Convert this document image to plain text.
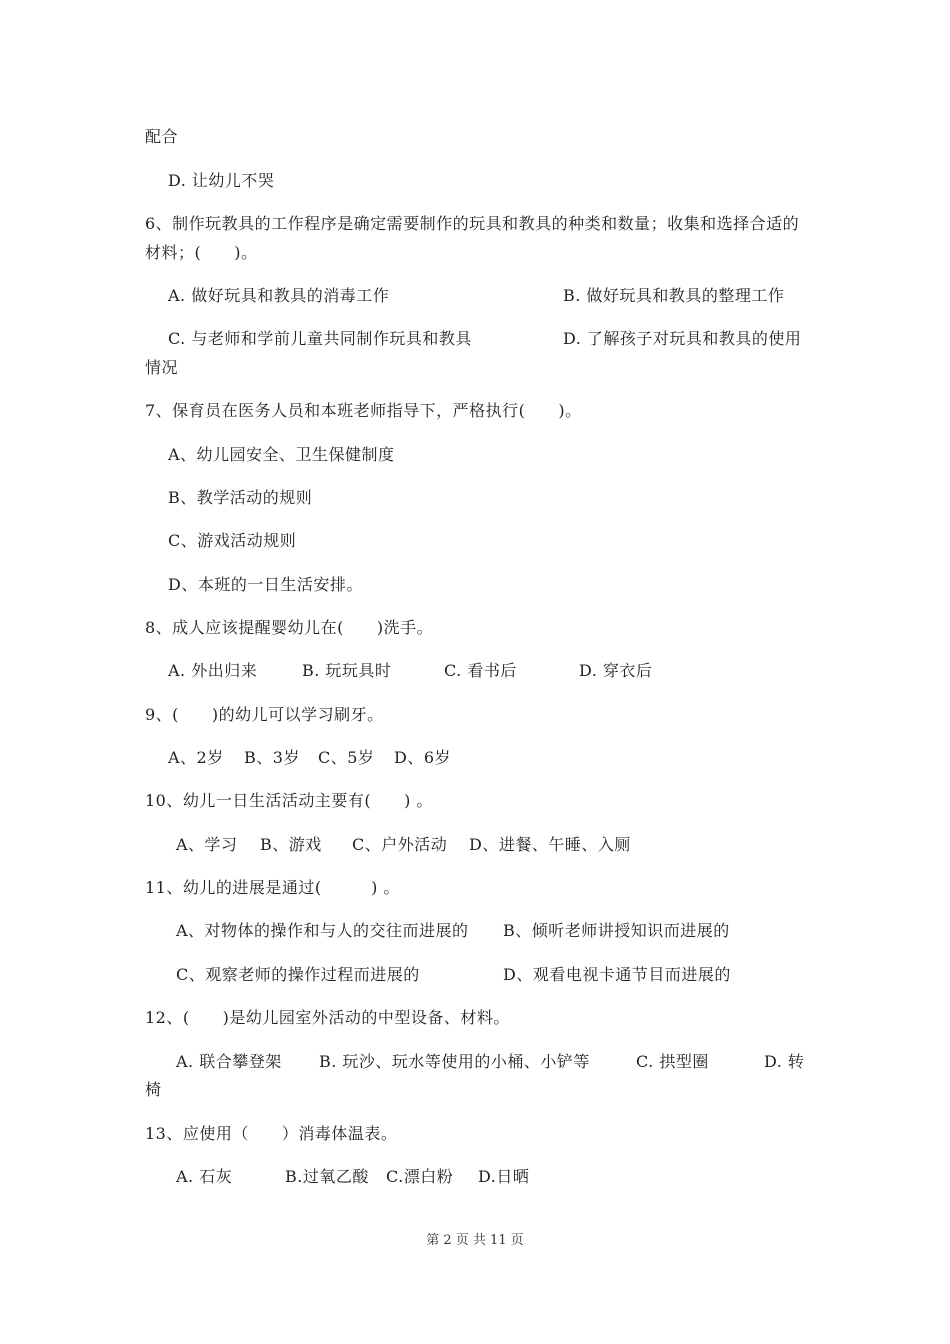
配合
D. 让幼儿不哭
6、制作玩教具的工作程序是确定需要制作的玩具和教具的种类和数量；收集和选择合适的
材料；(　　)。
A. 做好玩具和教具的消毒工作	B. 做好玩具和教具的整理工作
C. 与老师和学前儿童共同制作玩具和教具	D. 了解孩子对玩具和教具的使用
情况
7、保育员在医务人员和本班老师指导下，严格执行(　　)。
A、幼儿园安全、卫生保健制度
B、教学活动的规则
C、游戏活动规则
D、本班的一日生活安排。
8、成人应该提醒婴幼儿在(　　)洗手。
A. 外出归来	B. 玩玩具时	C. 看书后	D. 穿衣后
9、(　　)的幼儿可以学习刷牙。
A、2岁 B、3岁 C、5岁 D、6岁
10、幼儿一日生活活动主要有(　　) 。
A、学习 B、游戏 C、户外活动 D、进餐、午睡、入厕
11、幼儿的进展是通过(　　　) 。
A、对物体的操作和与人的交往而进展的 B、倾听老师讲授知识而进展的
C、观察老师的操作过程而进展的	D、观看电视卡通节目而进展的
12、(　　)是幼儿园室外活动的中型设备、材料。
A. 联合攀登架 B. 玩沙、玩水等使用的小桶、小铲等	C. 拱型圈	D. 转
椅
13、应使用（　　）消毒体温表。
A. 石灰	B.过氧乙酸 C.漂白粉 D.日晒
第 2 页 共 11 页
